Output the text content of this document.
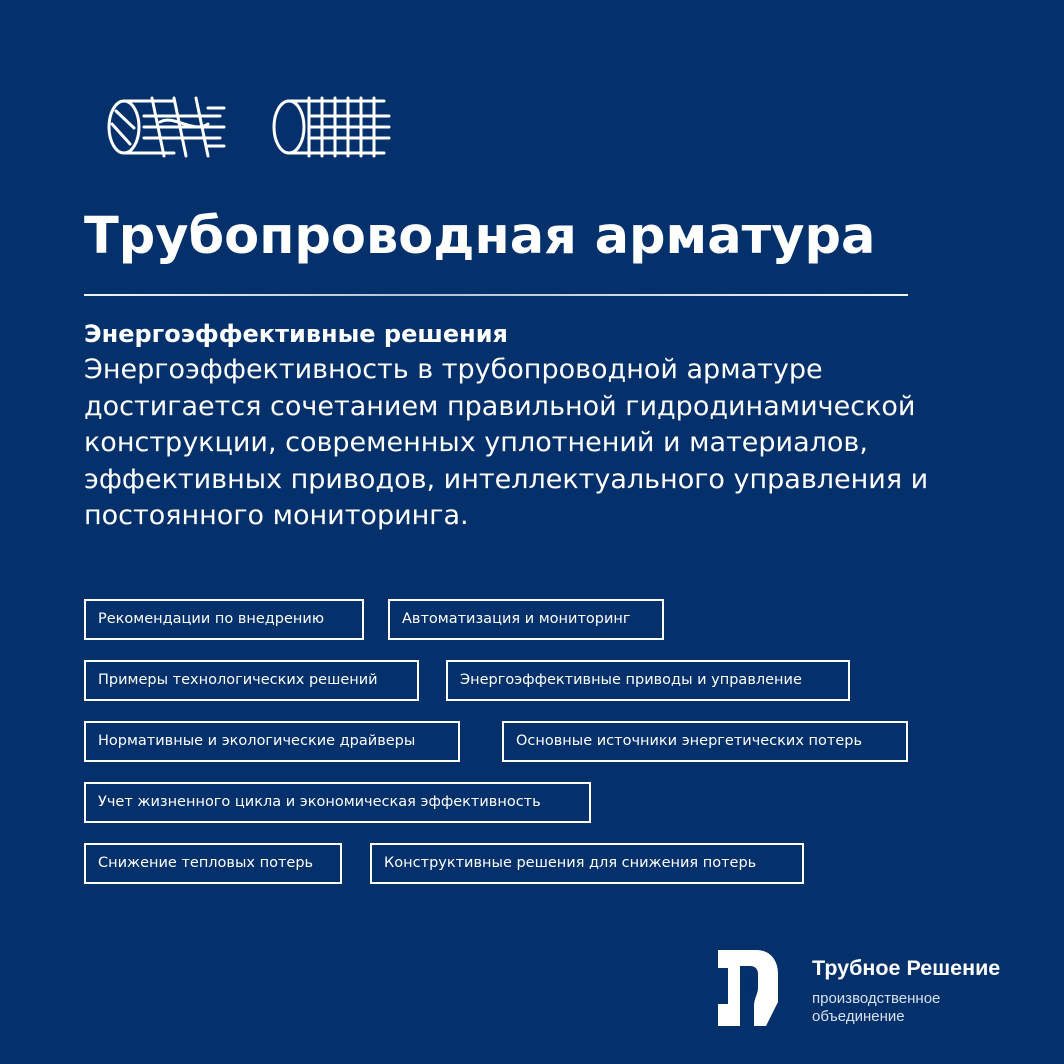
Трубопроводная арматура
Энергоэффективные решения

Энергоэффективность в трубопроводной арматуре достигается сочетанием правильной гидродинамической конструкции, современных уплотнений и материалов, эффективных приводов, интеллектуального управления и постоянного мониторинга.

Рекомендации по внедрению	Автоматизация и мониторинг
Примеры технологических решений	Энергоэффективные приводы и управление
Нормативные и экологические драйверы	Основные источники энергетических потерь
Учет жизненного цикла и экономическая эффективность
Снижение тепловых потерь	Конструктивные решения для снижения потерь
Трубное Решение
производственное объединение
